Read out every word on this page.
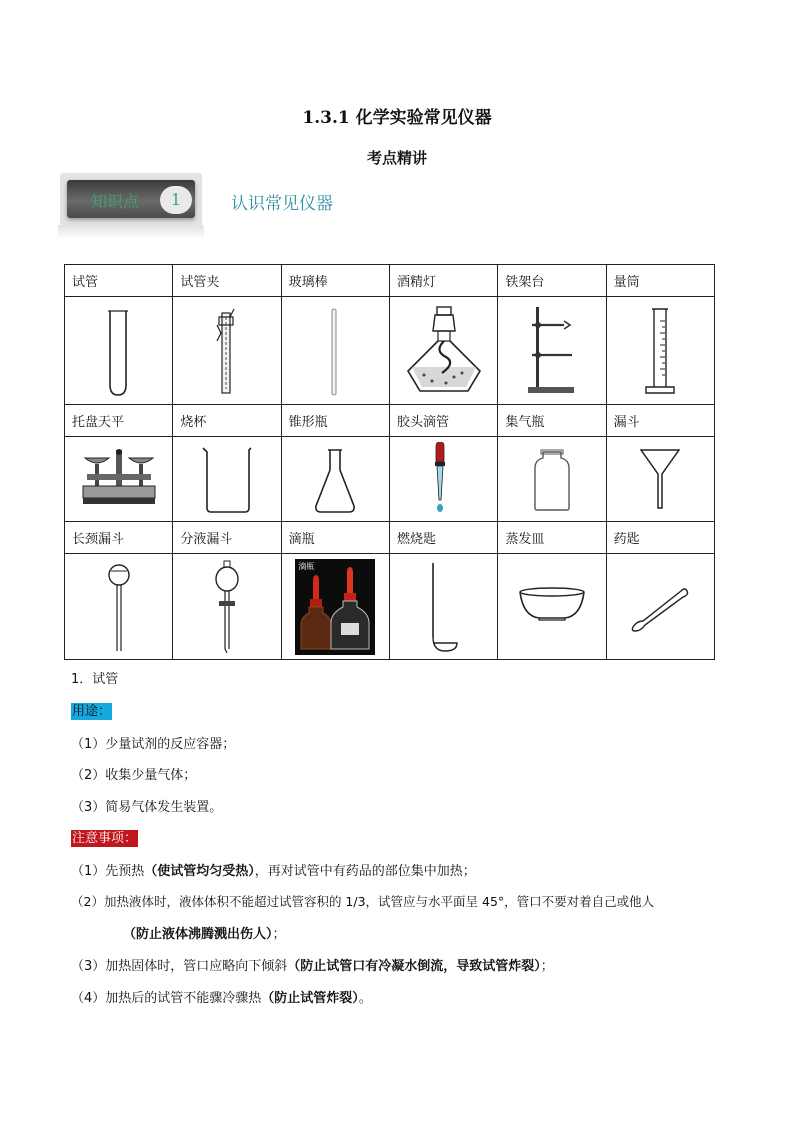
1.3.1 化学实验常见仪器
考点精讲
知识点	1	认识常见仪器
试管	试管夹	玻璃棒	酒精灯	铁架台	量筒

托盘天平	烧杯	锥形瓶	胶头滴管	集气瓶	漏斗

长颈漏斗	分液漏斗	滴瓶	燃烧匙	蒸发皿	药匙

滴瓶

1．试管
用途：
（1）少量试剂的反应容器；
（2）收集少量气体；
（3）简易气体发生装置。
注意事项：
（1）先预热（使试管均匀受热），再对试管中有药品的部位集中加热；
（2）加热液体时，液体体积不能超过试管容积的 1/3，试管应与水平面呈 45°，管口不要对着自己或他人
（防止液体沸腾溅出伤人）；
（3）加热固体时，管口应略向下倾斜（防止试管口有冷凝水倒流，导致试管炸裂）；
（4）加热后的试管不能骤冷骤热（防止试管炸裂）。
